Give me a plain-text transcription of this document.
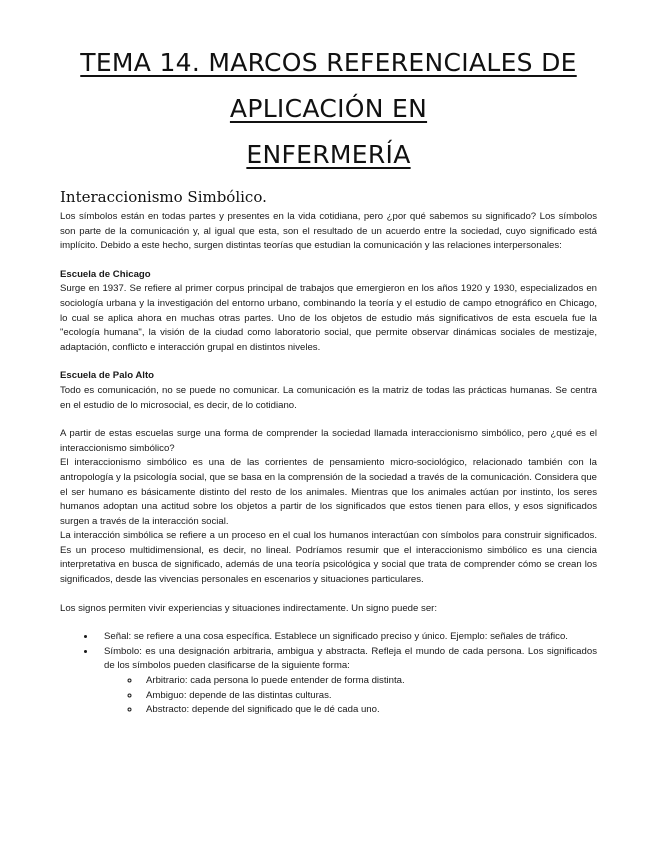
TEMA 14. MARCOS REFERENCIALES DE APLICACIÓN EN
ENFERMERÍA
Interaccionismo Simbólico.

Los símbolos están en todas partes y presentes en la vida cotidiana, pero ¿por qué sabemos su significado? Los símbolos son parte de la comunicación y, al igual que esta, son el resultado de un acuerdo entre la sociedad, cuyo significado está implícito. Debido a este hecho, surgen distintas teorías que estudian la comunicación y las relaciones interpersonales:

Escuela de Chicago

Surge en 1937. Se refiere al primer corpus principal de trabajos que emergieron en los años 1920 y 1930, especializados en sociología urbana y la investigación del entorno urbano, combinando la teoría y el estudio de campo etnográfico en Chicago, lo cual se aplica ahora en muchas otras partes. Uno de los objetos de estudio más significativos de esta escuela fue la "ecología humana", la visión de la ciudad como laboratorio social, que permite observar dinámicas sociales de mestizaje, adaptación, conflicto e interacción grupal en distintos niveles.

Escuela de Palo Alto

Todo es comunicación, no se puede no comunicar. La comunicación es la matriz de todas las prácticas humanas. Se centra en el estudio de lo microsocial, es decir, de lo cotidiano.

A partir de estas escuelas surge una forma de comprender la sociedad llamada interaccionismo simbólico, pero ¿qué es el interaccionismo simbólico?

El interaccionismo simbólico es una de las corrientes de pensamiento micro-sociológico, relacionado también con la antropología y la psicología social, que se basa en la comprensión de la sociedad a través de la comunicación. Considera que el ser humano es básicamente distinto del resto de los animales. Mientras que los animales actúan por instinto, los seres humanos adoptan una actitud sobre los objetos a partir de los significados que estos tienen para ellos, y esos significados surgen a través de la interacción social.

La interacción simbólica se refiere a un proceso en el cual los humanos interactúan con símbolos para construir significados. Es un proceso multidimensional, es decir, no lineal. Podríamos resumir que el interaccionismo simbólico es una ciencia interpretativa en busca de significado, además de una teoría psicológica y social que trata de comprender cómo se crean los significados, desde las vivencias personales en escenarios y situaciones particulares.

Los signos permiten vivir experiencias y situaciones indirectamente. Un signo puede ser:

• Señal: se refiere a una cosa específica. Establece un significado preciso y único. Ejemplo: señales de tráfico.
• Símbolo: es una designación arbitraria, ambigua y abstracta. Refleja el mundo de cada persona. Los significados de los símbolos pueden clasificarse de la siguiente forma:
◦ Arbitrario: cada persona lo puede entender de forma distinta.
◦ Ambiguo: depende de las distintas culturas.
◦ Abstracto: depende del significado que le dé cada uno.
